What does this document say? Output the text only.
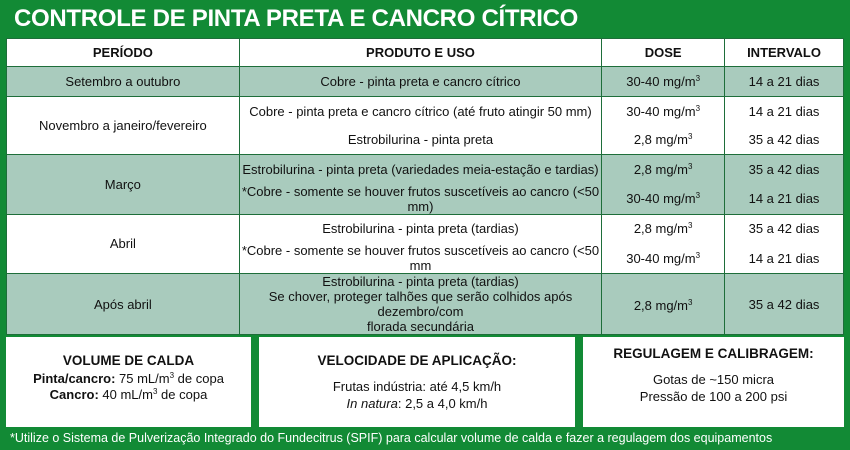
CONTROLE DE PINTA PRETA E CANCRO CÍTRICO
PERÍODO	PRODUTO E USO	DOSE	INTERVALO
Setembro a outubro	Cobre - pinta preta e cancro cítrico	30-40 $mg/m^3$	14 a 21 dias
Novembro a janeiro/fevereiro	Cobre - pinta preta e cancro cítrico (até fruto atingir 50 mm)	30-40 $mg/m^3$	14 a 21 dias
	Estrobilurina - pinta preta	2,8 $mg/m^3$	35 a 42 dias
Março	Estrobilurina - pinta preta (variedades meia-estação e tardias)	2,8 $mg/m^3$	35 a 42 dias
	*Cobre - somente se houver frutos suscetíveis ao cancro (<50 mm)	30-40 $mg/m^3$	14 a 21 dias
Abril	Estrobilurina - pinta preta (tardias)	2,8 $mg/m^3$	35 a 42 dias
	*Cobre - somente se houver frutos suscetíveis ao cancro (<50 mm	30-40 $mg/m^3$	14 a 21 dias
Após abril	Estrobilurina - pinta preta (tardias)
Se chover, proteger talhões que serão colhidos após dezembro/com
florada secundária	2,8 $mg/m^3$	35 a 42 dias
VOLUME DE CALDA
Pinta/cancro: 75 $mL/m^3$ de copa
Cancro: 40 $mL/m^3$ de copa
VELOCIDADE DE APLICAÇÃO:
Frutas indústria: até 4,5 km/h
In natura: 2,5 a 4,0 km/h
REGULAGEM E CALIBRAGEM:
Gotas de ~150 micra
Pressão de 100 a 200 psi
*Utilize o Sistema de Pulverização Integrado do Fundecitrus (SPIF) para calcular volume de calda e fazer a regulagem dos equipamentos
